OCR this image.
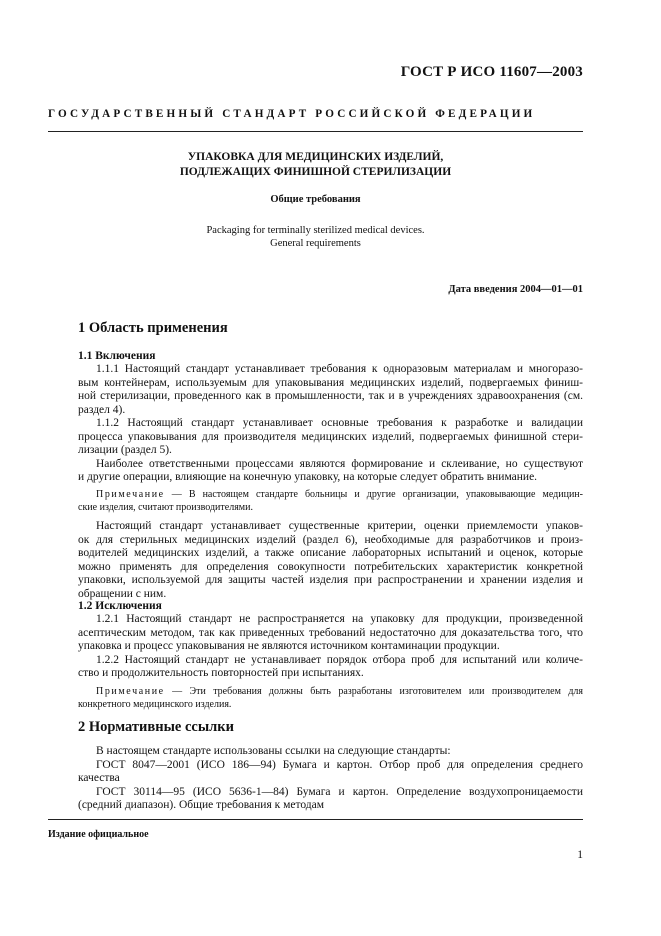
ГОСТ Р ИСО 11607—2003
ГОСУДАРСТВЕННЫЙ СТАНДАРТ РОССИЙСКОЙ ФЕДЕРАЦИИ
УПАКОВКА ДЛЯ МЕДИЦИНСКИХ ИЗДЕЛИЙ,
ПОДЛЕЖАЩИХ ФИНИШНОЙ СТЕРИЛИЗАЦИИ
Общие требования
Packaging for terminally sterilized medical devices.
General requirements
Дата введения 2004—01—01
1 Область применения
1.1 Включения
1.1.1 Настоящий стандарт устанавливает требования к одноразовым материалам и многоразо-
вым контейнерам, используемым для упаковывания медицинских изделий, подвергаемых финиш-
ной стерилизации, проведенного как в промышленности, так и в учреждениях здравоохранения (см.
раздел 4).
1.1.2 Настоящий стандарт устанавливает основные требования к разработке и валидации
процесса упаковывания для производителя медицинских изделий, подвергаемых финишной стери-
лизации (раздел 5).
Наиболее ответственными процессами являются формирование и склеивание, но существуют
и другие операции, влияющие на конечную упаковку, на которые следует обратить внимание.
Примечание — В настоящем стандарте больницы и другие организации, упаковывающие медицин-
ские изделия, считают производителями.
Настоящий стандарт устанавливает существенные критерии, оценки приемлемости упаков-
ок для стерильных медицинских изделий (раздел 6), необходимые для разработчиков и произ-
водителей медицинских изделий, а также описание лабораторных испытаний и оценок, которые
можно применять для определения совокупности потребительских характеристик конкретной
упаковки, используемой для защиты частей изделия при распространении и хранении изделия и
обращении с ним.
1.2 Исключения
1.2.1 Настоящий стандарт не распространяется на упаковку для продукции, произведенной
асептическим методом, так как приведенных требований недостаточно для доказательства того, что
упаковка и процесс упаковывания не являются источником контаминации продукции.
1.2.2 Настоящий стандарт не устанавливает порядок отбора проб для испытаний или количе-
ство и продолжительность повторностей при испытаниях.
Примечание — Эти требования должны быть разработаны изготовителем или производителем для
конкретного медицинского изделия.
2 Нормативные ссылки
В настоящем стандарте использованы ссылки на следующие стандарты:
ГОСТ 8047—2001 (ИСО 186—94) Бумага и картон. Отбор проб для определения среднего
качества
ГОСТ 30114—95 (ИСО 5636-1—84) Бумага и картон. Определение воздухопроницаемости
(средний диапазон). Общие требования к методам
Издание официальное
1
